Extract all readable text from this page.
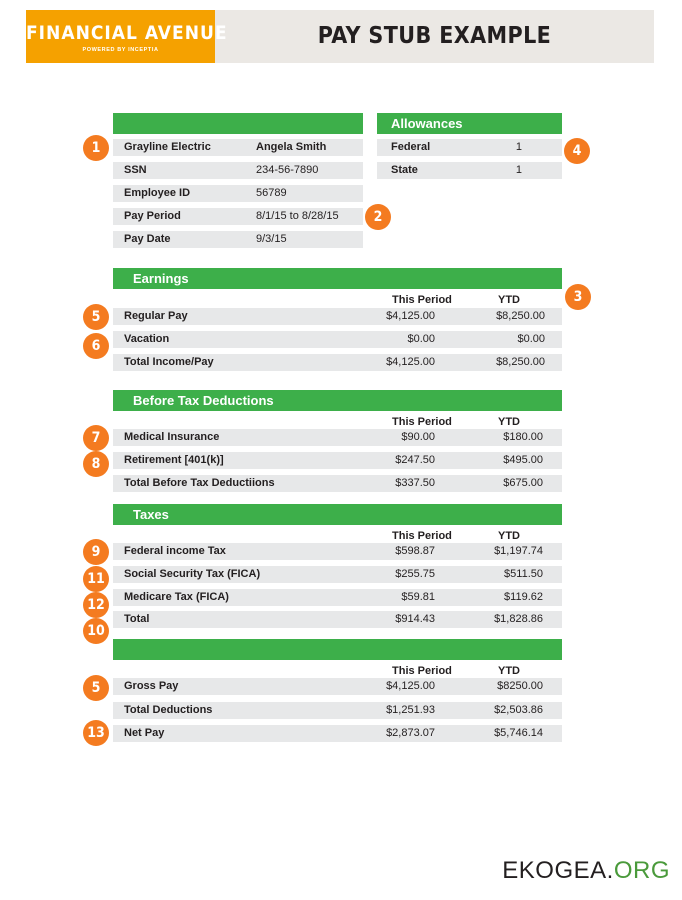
FINANCIAL AVENUE
POWERED BY INCEPTIA
PAY STUB EXAMPLE
Grayline Electric	Angela Smith
SSN	234-56-7890
Employee ID	56789
Pay Period	8/1/15 to 8/28/15
Pay Date	9/3/15
Allowances
Federal	1
State	1
Earnings
This Period	YTD
Regular Pay	$4,125.00	$8,250.00
Vacation	$0.00	$0.00
Total Income/Pay	$4,125.00	$8,250.00
Before Tax Deductions
This Period	YTD
Medical Insurance	$90.00	$180.00
Retirement [401(k)]	$247.50	$495.00
Total Before Tax Deductiions	$337.50	$675.00
Taxes
This Period	YTD
Federal income Tax	$598.87	$1,197.74
Social Security Tax (FICA)	$255.75	$511.50
Medicare Tax (FICA)	$59.81	$119.62
Total	$914.43	$1,828.86
This Period	YTD
Gross Pay	$4,125.00	$8250.00
Total Deductions	$1,251.93	$2,503.86
Net Pay	$2,873.07	$5,746.14
1
2
3
4
5
6
7
8
9
11
12
10
5
13
EKOGEA.ORG
